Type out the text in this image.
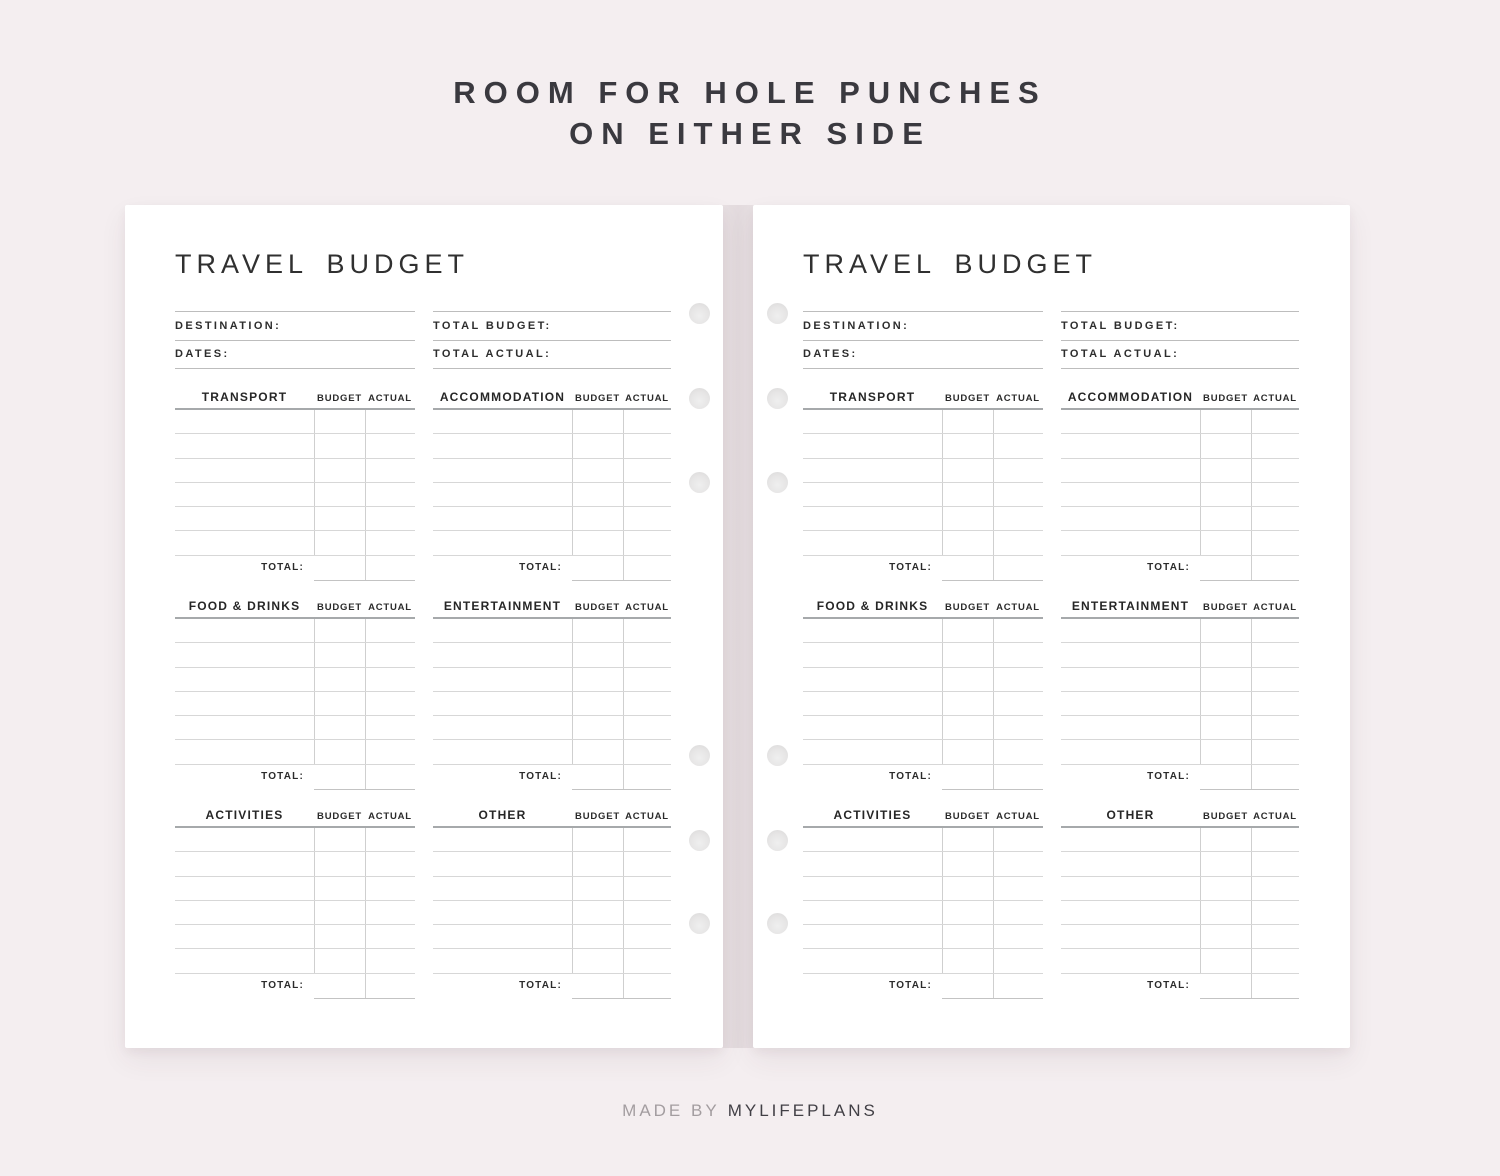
ROOM FOR HOLE PUNCHES
ON EITHER SIDE
TRAVEL BUDGET
DESTINATION:
DATES:
TOTAL BUDGET:
TOTAL ACTUAL:
TRANSPORT	BUDGET ACTUAL
TOTAL:
ACCOMMODATION	BUDGET ACTUAL
TOTAL:
FOOD & DRINKS	BUDGET ACTUAL
TOTAL:
ENTERTAINMENT	BUDGET ACTUAL
TOTAL:
ACTIVITIES	BUDGET ACTUAL
TOTAL:
OTHER	BUDGET ACTUAL
TOTAL:
TRAVEL BUDGET
DESTINATION:
DATES:
TOTAL BUDGET:
TOTAL ACTUAL:
TRANSPORT	BUDGET ACTUAL
TOTAL:
ACCOMMODATION	BUDGET ACTUAL
TOTAL:
FOOD & DRINKS	BUDGET ACTUAL
TOTAL:
ENTERTAINMENT	BUDGET ACTUAL
TOTAL:
ACTIVITIES	BUDGET ACTUAL
TOTAL:
OTHER	BUDGET ACTUAL
TOTAL:
MADE BY MYLIFEPLANS
